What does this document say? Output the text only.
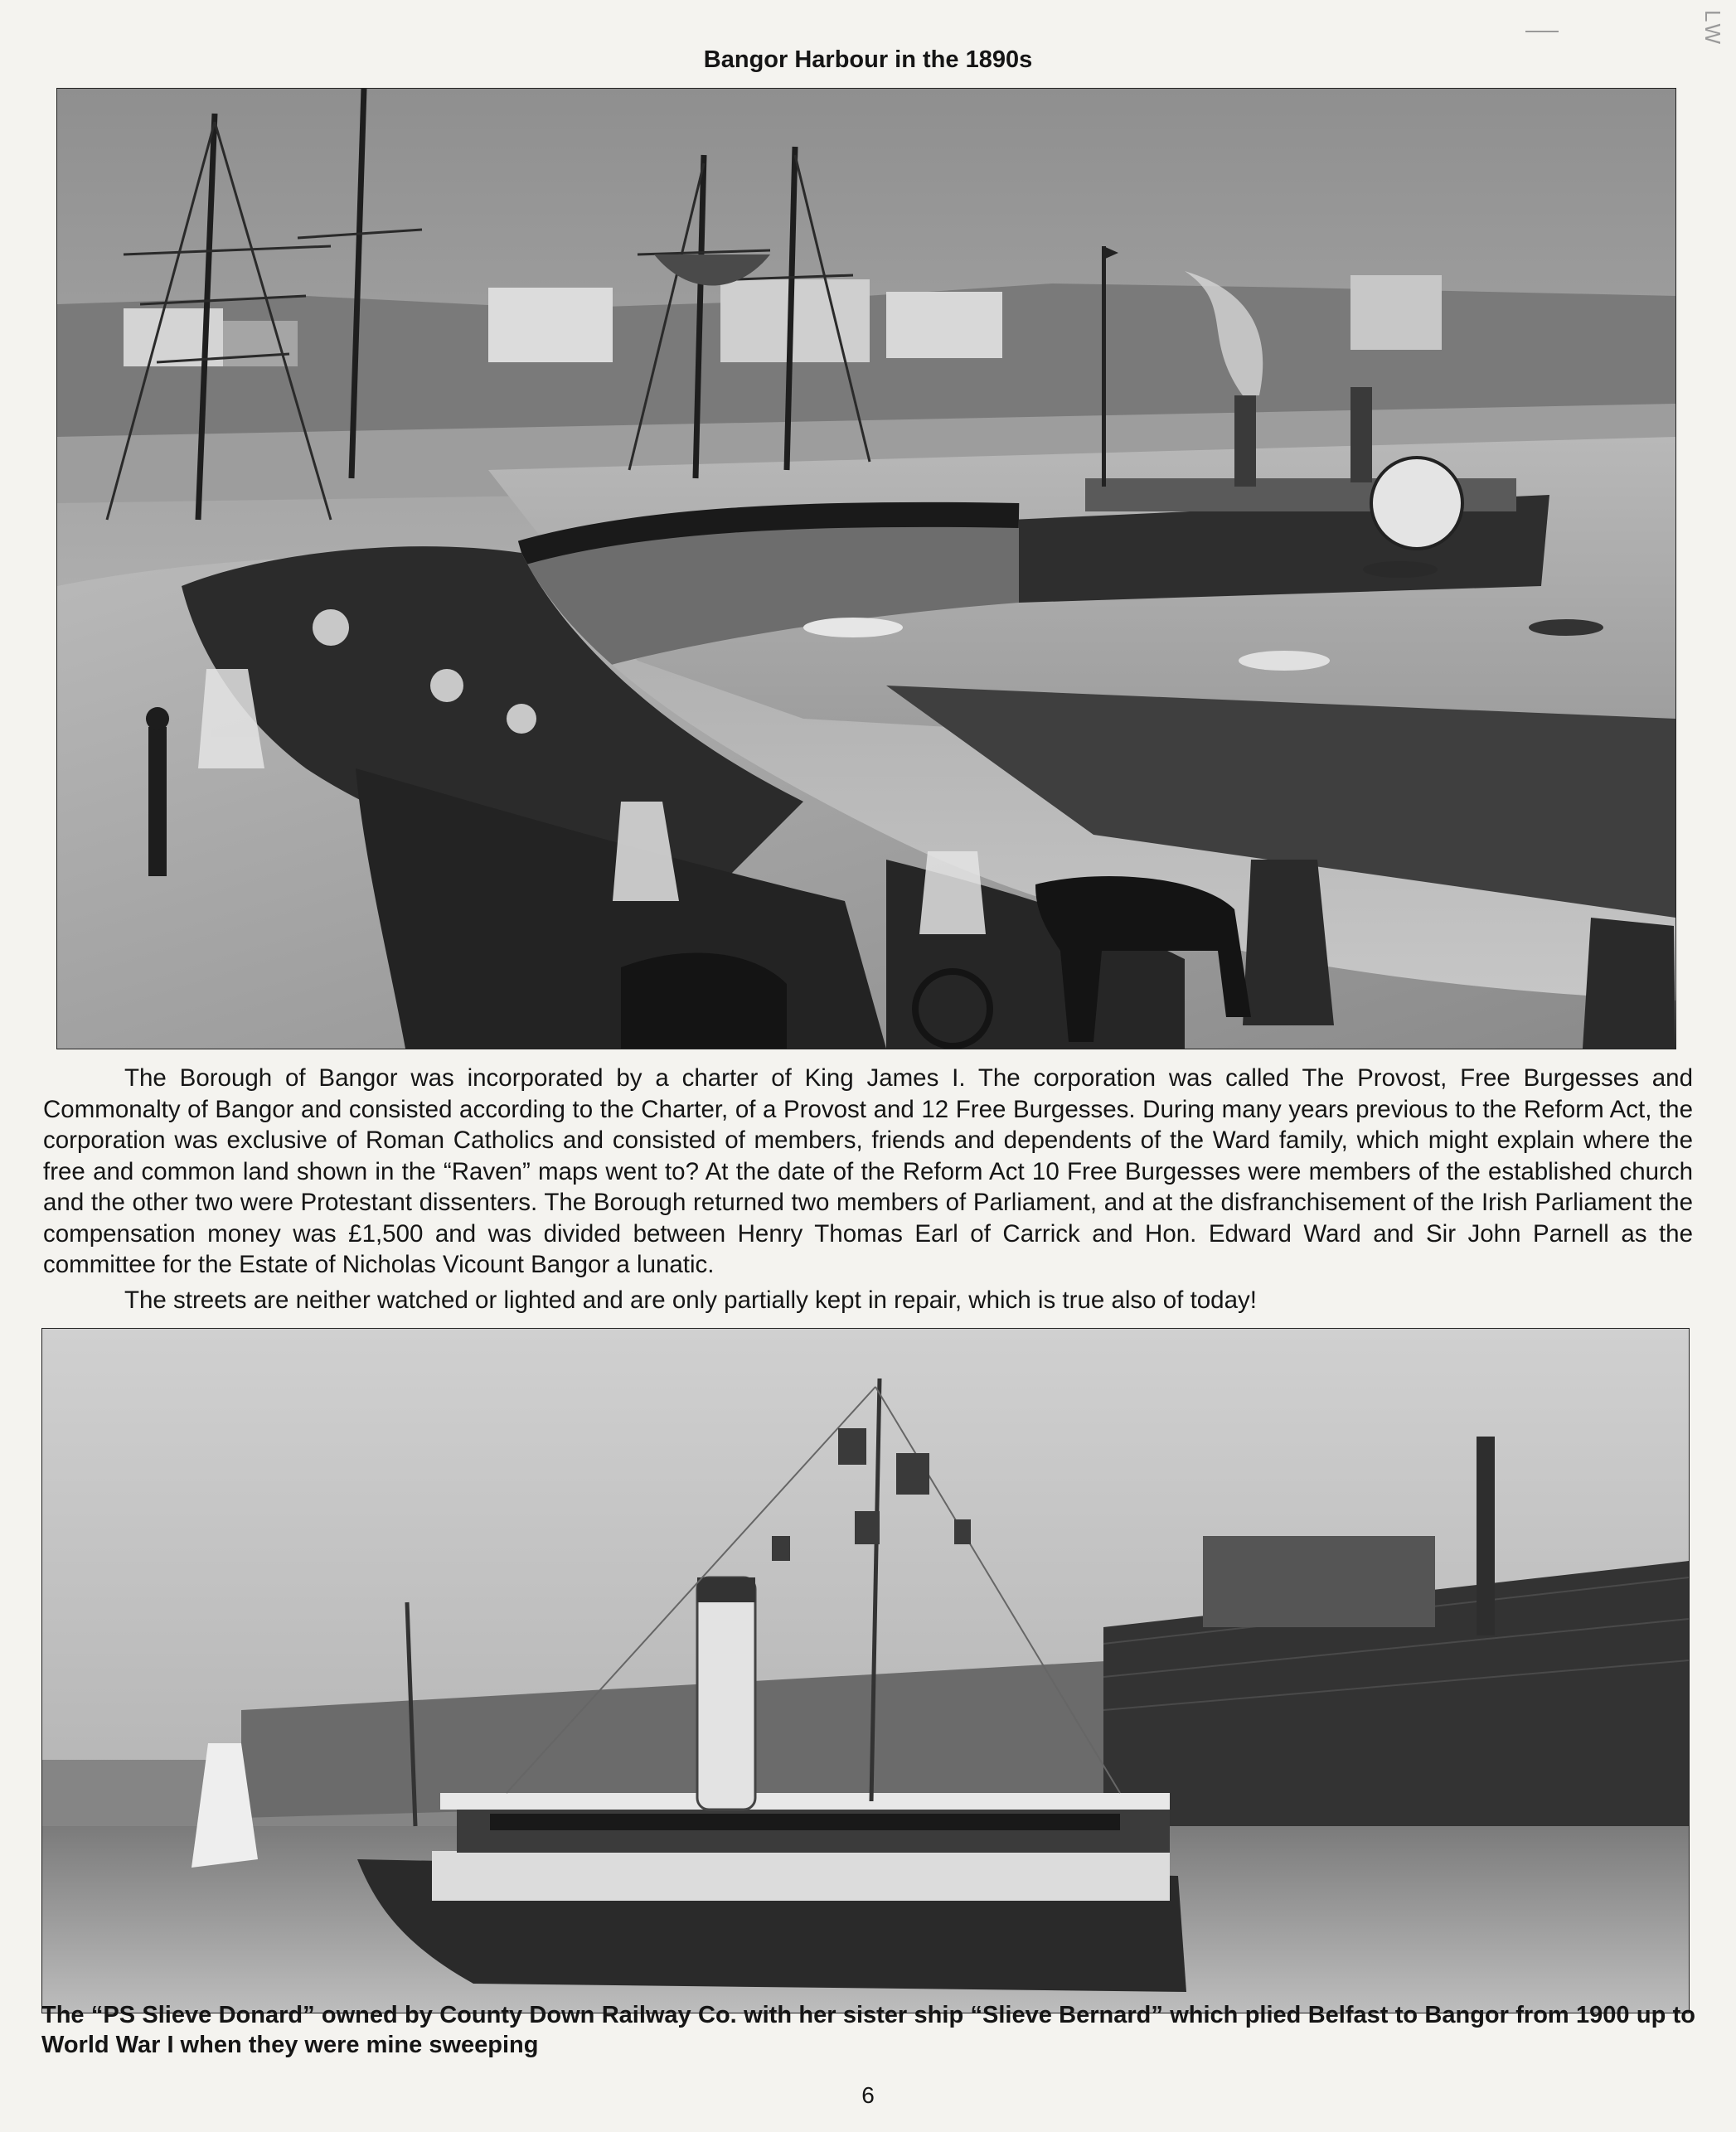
LW
Bangor Harbour in the 1890s

The Borough of Bangor was incorporated by a charter of King James I. The corporation was called The Provost, Free Burgesses and Commonalty of Bangor and consisted according to the Charter, of a Provost and 12 Free Burgesses. During many years previous to the Reform Act, the corporation was exclusive of Roman Catholics and consisted of members, friends and dependents of the Ward family, which might explain where the free and common land shown in the “Raven” maps went to? At the date of the Reform Act 10 Free Burgesses were members of the established church and the other two were Protestant dissenters. The Borough returned two members of Parliament, and at the disfranchisement of the Irish Parliament the compensation money was £1,500 and was divided between Henry Thomas Earl of Carrick and Hon. Edward Ward and Sir John Parnell as the committee for the Estate of Nicholas Vicount Bangor a lunatic.

The streets are neither watched or lighted and are only partially kept in repair, which is true also of today!

The “PS Slieve Donard” owned by County Down Railway Co. with her sister ship “Slieve Bernard” which plied Belfast to Bangor from 1900 up to World War I when they were mine sweeping
6
